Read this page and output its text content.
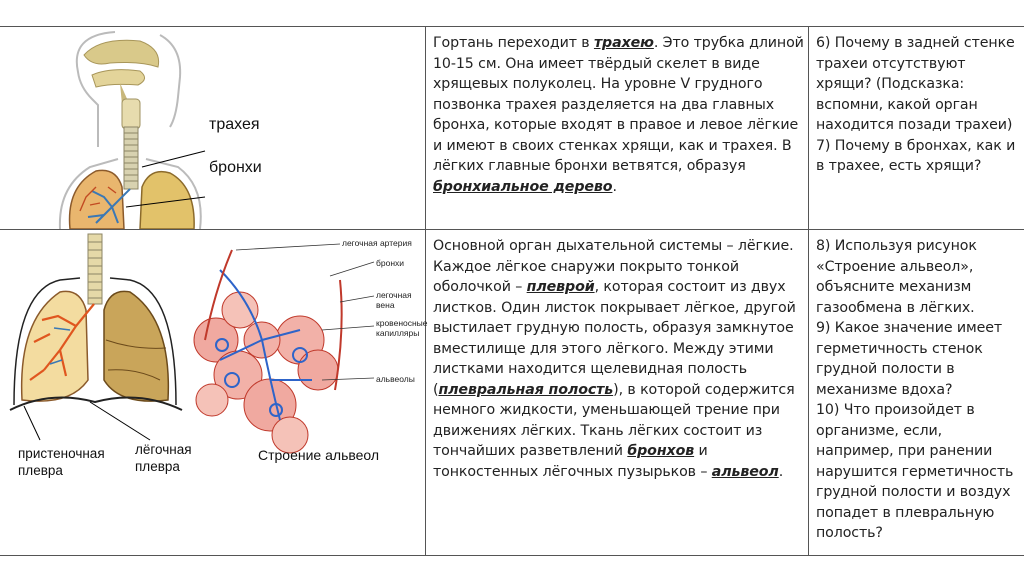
трахея
бронхи

Гортань переходит в трахею. Это трубка длиной 10-15 см. Она имеет твёрдый скелет в виде хрящевых полуколец. На уровне V грудного позвонка трахея разделяется на два главных бронха, которые входят в правое и левое лёгкие и имеют в своих стенках хрящи, как и трахея. В лёгких главные бронхи ветвятся, образуя бронхиальное дерево.

6) Почему в задней стенке трахеи отсутствуют хрящи? (Подсказка: вспомни, какой орган находится позади трахеи)

7) Почему в бронхах, как и в трахее, есть хрящи?

легочная артерия
бронхи
легочная вена
кровеносные
капилляры
альвеолы
пристеночная
плевра
лёгочная
плевра
Строение альвеол

Основной орган дыхательной системы – лёгкие. Каждое лёгкое снаружи покрыто тонкой оболочкой – плеврой, которая состоит из двух листков. Один листок покрывает лёгкое, другой выстилает грудную полость, образуя замкнутое вместилище для этого лёгкого. Между этими листками находится щелевидная полость (плевральная полость), в которой содержится немного жидкости, уменьшающей трение при движениях лёгких. Ткань лёгких состоит из тончайших разветвлений бронхов и тонкостенных лёгочных пузырьков – альвеол.

8) Используя рисунок «Строение альвеол», объясните механизм газообмена в лёгких.

9) Какое значение имеет герметичность стенок грудной полости в механизме вдоха?

10) Что произойдет в организме, если, например, при ранении нарушится герметичность грудной полости и воздух попадет в плевральную полость?
